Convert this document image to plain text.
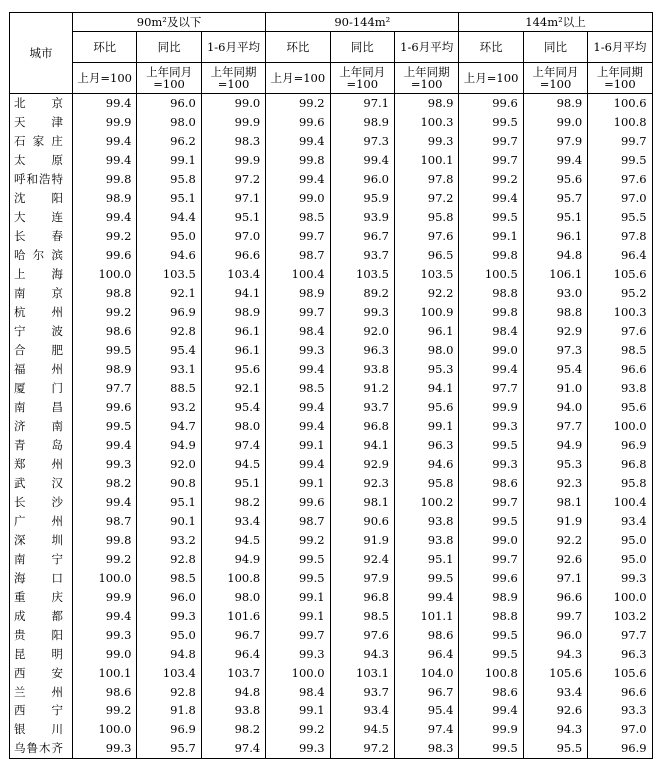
城市	90m²及以下			90-144m²			144m²以上		
	环比	同比	1-6月平均	环比	同比	1-6月平均	环比	同比	1-6月平均
	上月=100	上年同月=100	上年同期=100	上月=100	上年同月=100	上年同期=100	上月=100	上年同月=100	上年同期=100
北　京	99.4	96.0	99.0	99.2	97.1	98.9	99.6	98.9	100.6
天　津	99.9	98.0	99.9	99.6	98.9	100.3	99.5	99.0	100.8
石家庄	99.4	96.2	98.3	99.4	97.3	99.3	99.7	97.9	99.7
太　原	99.4	99.1	99.9	99.8	99.4	100.1	99.7	99.4	99.5
呼和浩特	99.8	95.8	97.2	99.4	96.0	97.8	99.2	95.6	97.6
沈　阳	98.9	95.1	97.1	99.0	95.9	97.2	99.4	95.7	97.0
大　连	99.4	94.4	95.1	98.5	93.9	95.8	99.5	95.1	95.5
长　春	99.2	95.0	97.0	99.7	96.7	97.6	99.1	96.1	97.8
哈尔滨	99.6	94.6	96.6	98.7	93.7	96.5	99.8	94.8	96.4
上　海	100.0	103.5	103.4	100.4	103.5	103.5	100.5	106.1	105.6
南　京	98.8	92.1	94.1	98.9	89.2	92.2	98.8	93.0	95.2
杭　州	99.2	96.9	98.9	99.7	99.3	100.9	99.8	98.8	100.3
宁　波	98.6	92.8	96.1	98.4	92.0	96.1	98.4	92.9	97.6
合　肥	99.5	95.4	96.1	99.3	96.3	98.0	99.0	97.3	98.5
福　州	98.9	93.1	95.6	99.4	93.8	95.3	99.4	95.4	96.6
厦　门	97.7	88.5	92.1	98.5	91.2	94.1	97.7	91.0	93.8
南　昌	99.6	93.2	95.4	99.4	93.7	95.6	99.9	94.0	95.6
济　南	99.5	94.7	98.0	99.4	96.8	99.1	99.3	97.7	100.0
青　岛	99.4	94.9	97.4	99.1	94.1	96.3	99.5	94.9	96.9
郑　州	99.3	92.0	94.5	99.4	92.9	94.6	99.3	95.3	96.8
武　汉	98.2	90.8	95.1	99.1	92.3	95.8	98.6	92.3	95.8
长　沙	99.4	95.1	98.2	99.6	98.1	100.2	99.7	98.1	100.4
广　州	98.7	90.1	93.4	98.7	90.6	93.8	99.5	91.9	93.4
深　圳	99.8	93.2	94.5	99.2	91.9	93.8	99.0	92.2	95.0
南　宁	99.2	92.8	94.9	99.5	92.4	95.1	99.7	92.6	95.0
海　口	100.0	98.5	100.8	99.5	97.9	99.5	99.6	97.1	99.3
重　庆	99.9	96.0	98.0	99.1	96.8	99.4	98.9	96.6	100.0
成　都	99.4	99.3	101.6	99.1	98.5	101.1	98.8	99.7	103.2
贵　阳	99.3	95.0	96.7	99.7	97.6	98.6	99.5	96.0	97.7
昆　明	99.0	94.8	96.4	99.3	94.3	96.4	99.5	94.3	96.3
西　安	100.1	103.4	103.7	100.0	103.1	104.0	100.8	105.6	105.6
兰　州	98.6	92.8	94.8	98.4	93.7	96.7	98.6	93.4	96.6
西　宁	99.2	91.8	93.8	99.1	93.4	95.4	99.4	92.6	93.3
银　川	100.0	96.9	98.2	99.2	94.5	97.4	99.9	94.3	97.0
乌鲁木齐	99.3	95.7	97.4	99.3	97.2	98.3	99.5	95.5	96.9
